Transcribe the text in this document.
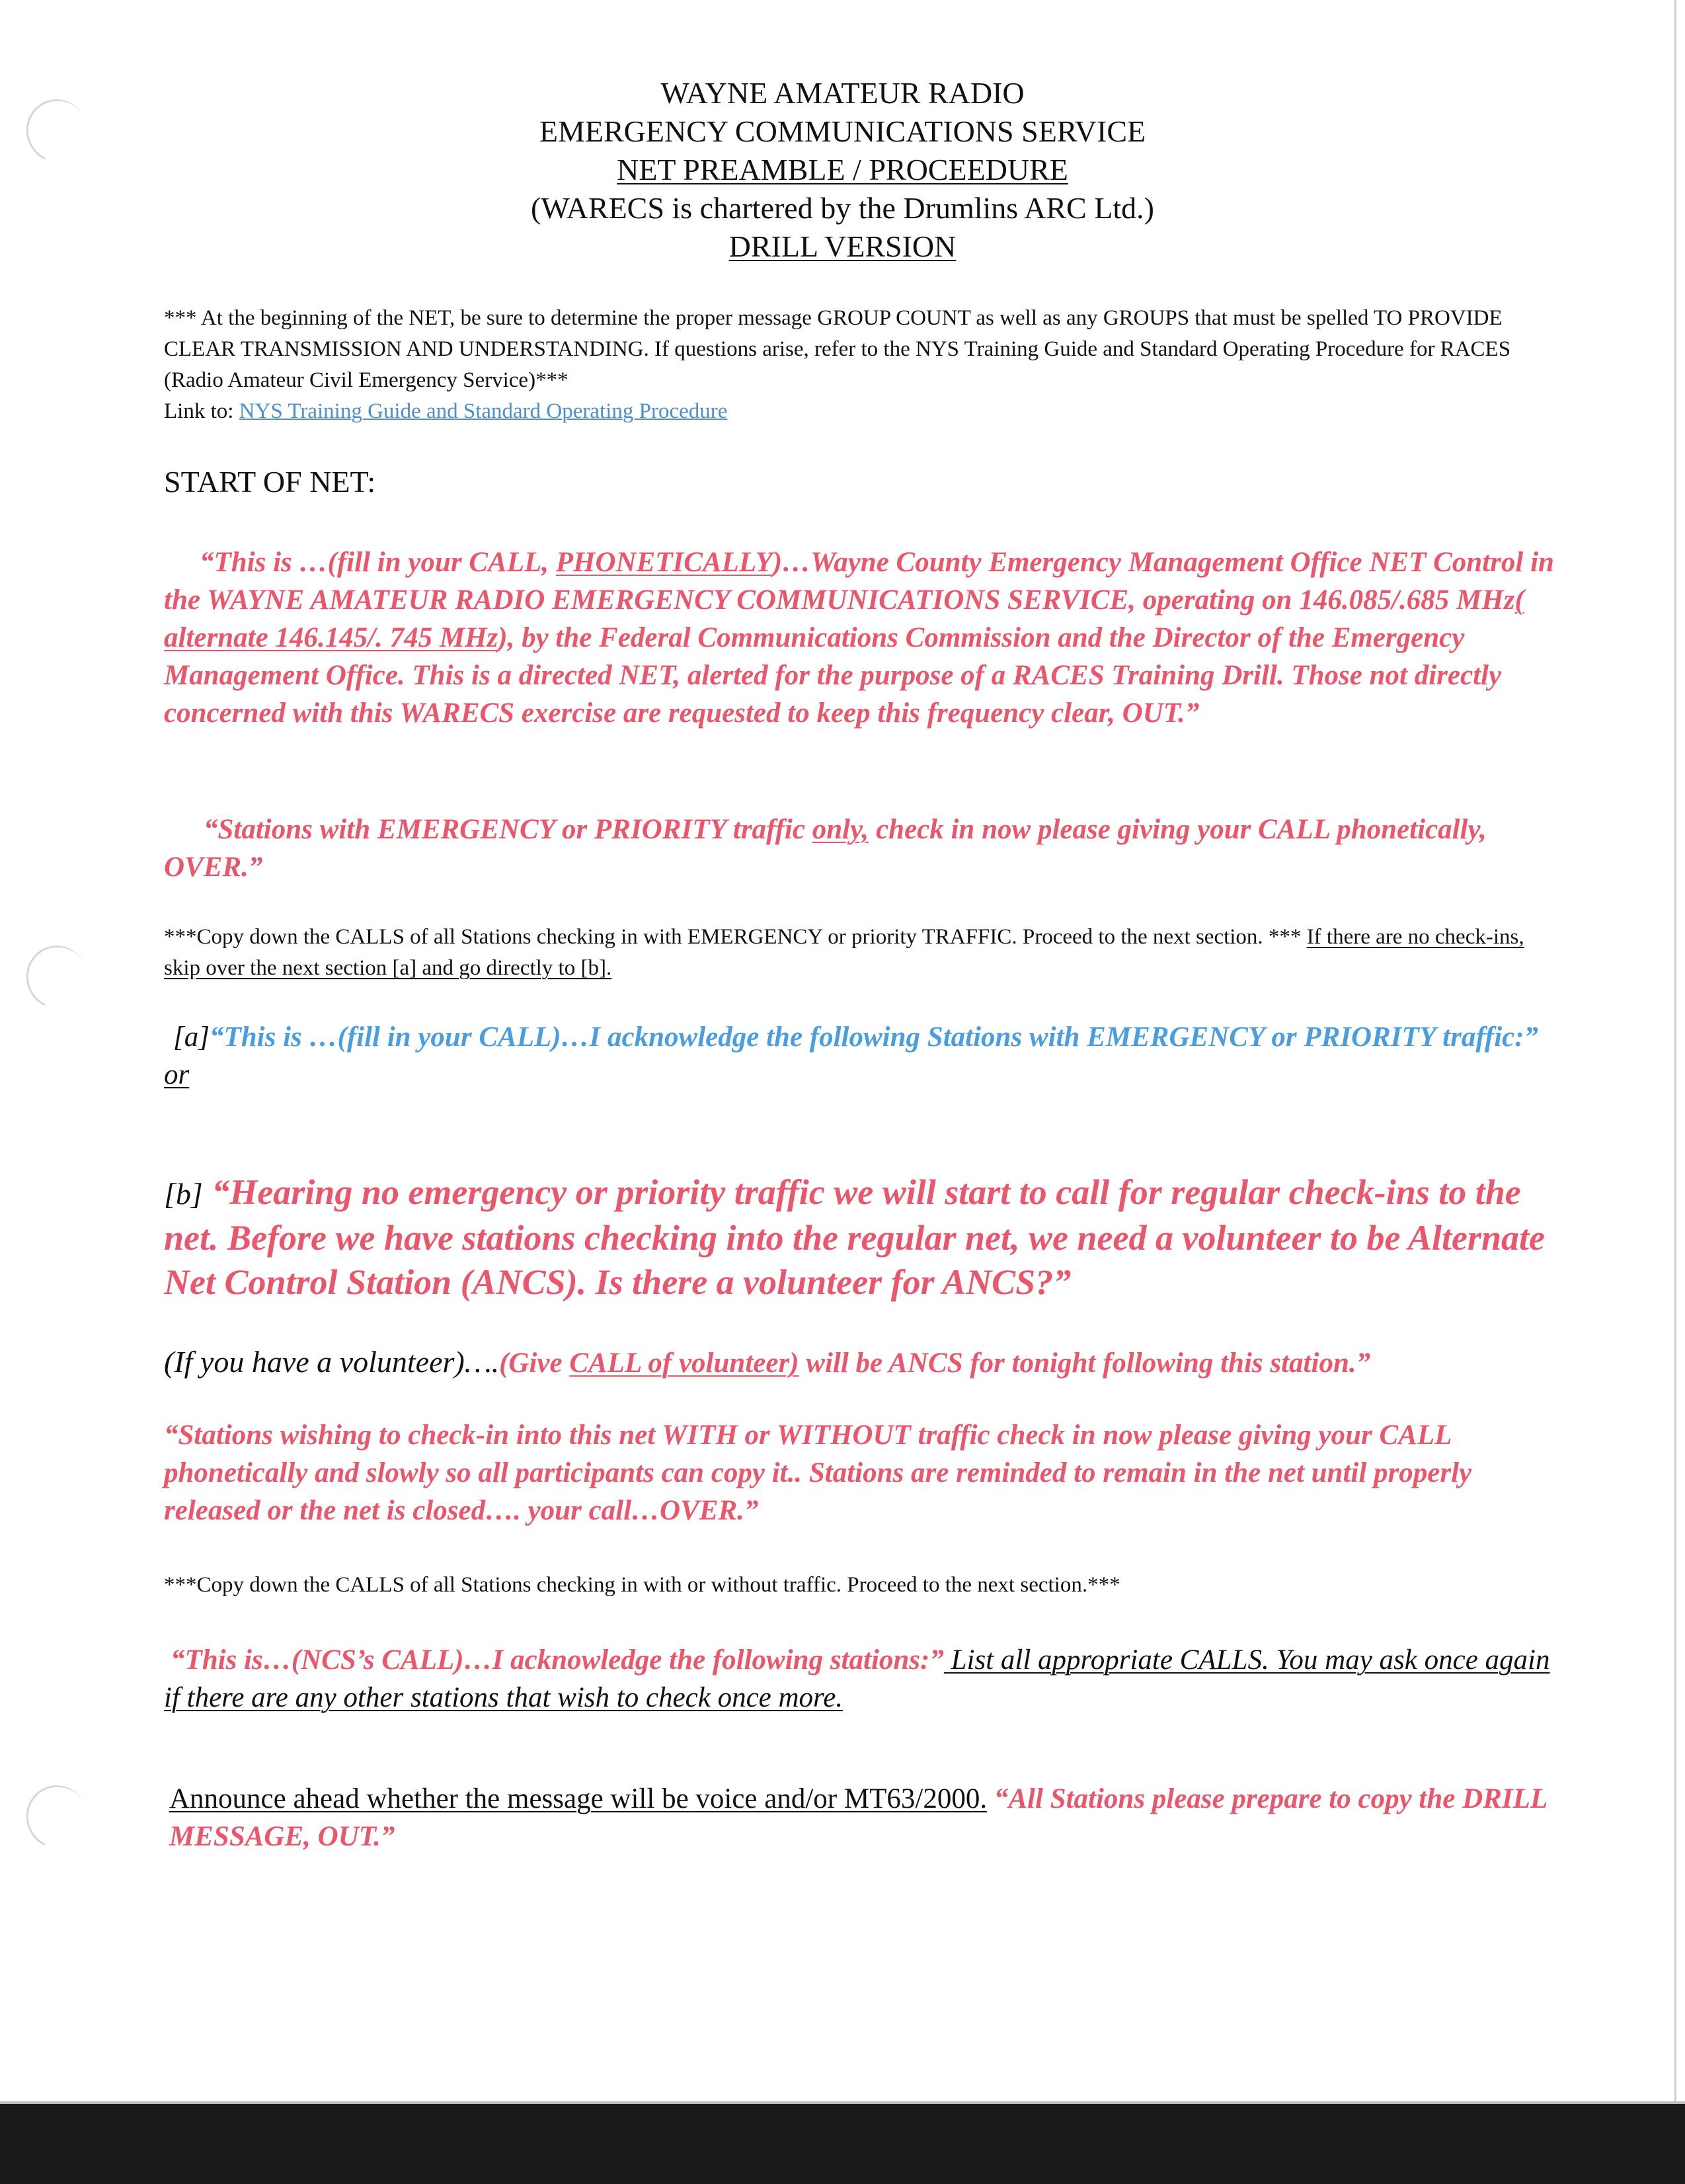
WAYNE AMATEUR RADIO
EMERGENCY COMMUNICATIONS SERVICE
NET PREAMBLE / PROCEEDURE
(WARECS is chartered by the Drumlins ARC Ltd.)
DRILL VERSION
*** At the beginning of the NET, be sure to determine the proper message GROUP COUNT as well as any GROUPS that must be spelled TO PROVIDE CLEAR TRANSMISSION AND UNDERSTANDING. If questions arise, refer to the NYS Training Guide and Standard Operating Procedure for RACES (Radio Amateur Civil Emergency Service)***
Link to: NYS Training Guide and Standard Operating Procedure
START OF NET:
“This is …(fill in your CALL, PHONETICALLY)…Wayne County Emergency Management Office NET Control in the WAYNE AMATEUR RADIO EMERGENCY COMMUNICATIONS SERVICE, operating on 146.085/.685 MHz( alternate 146.145/. 745 MHz), by the Federal Communications Commission and the Director of the Emergency Management Office. This is a directed NET, alerted for the purpose of a RACES Training Drill. Those not directly concerned with this WARECS exercise are requested to keep this frequency clear, OUT.”
“Stations with EMERGENCY or PRIORITY traffic only, check in now please giving your CALL phonetically, OVER.”
***Copy down the CALLS of all Stations checking in with EMERGENCY or priority TRAFFIC. Proceed to the next section. *** If there are no check-ins, skip over the next section [a] and go directly to [b].
[a]“This is …(fill in your CALL)…I acknowledge the following Stations with EMERGENCY or PRIORITY traffic:”
or
[b] “Hearing no emergency or priority traffic we will start to call for regular check-ins to the net. Before we have stations checking into the regular net, we need a volunteer to be Alternate Net Control Station (ANCS). Is there a volunteer for ANCS?”
(If you have a volunteer)….(Give CALL of volunteer) will be ANCS for tonight following this station.”
“Stations wishing to check-in into this net WITH or WITHOUT traffic check in now please giving your CALL phonetically and slowly so all participants can copy it.. Stations are reminded to remain in the net until properly released or the net is closed…. your call…OVER.”
***Copy down the CALLS of all Stations checking in with or without traffic. Proceed to the next section.***
“This is…(NCS’s CALL)…I acknowledge the following stations:” List all appropriate CALLS. You may ask once again if there are any other stations that wish to check once more.
Announce ahead whether the message will be voice and/or MT63/2000. “All Stations please prepare to copy the DRILL MESSAGE, OUT.”
